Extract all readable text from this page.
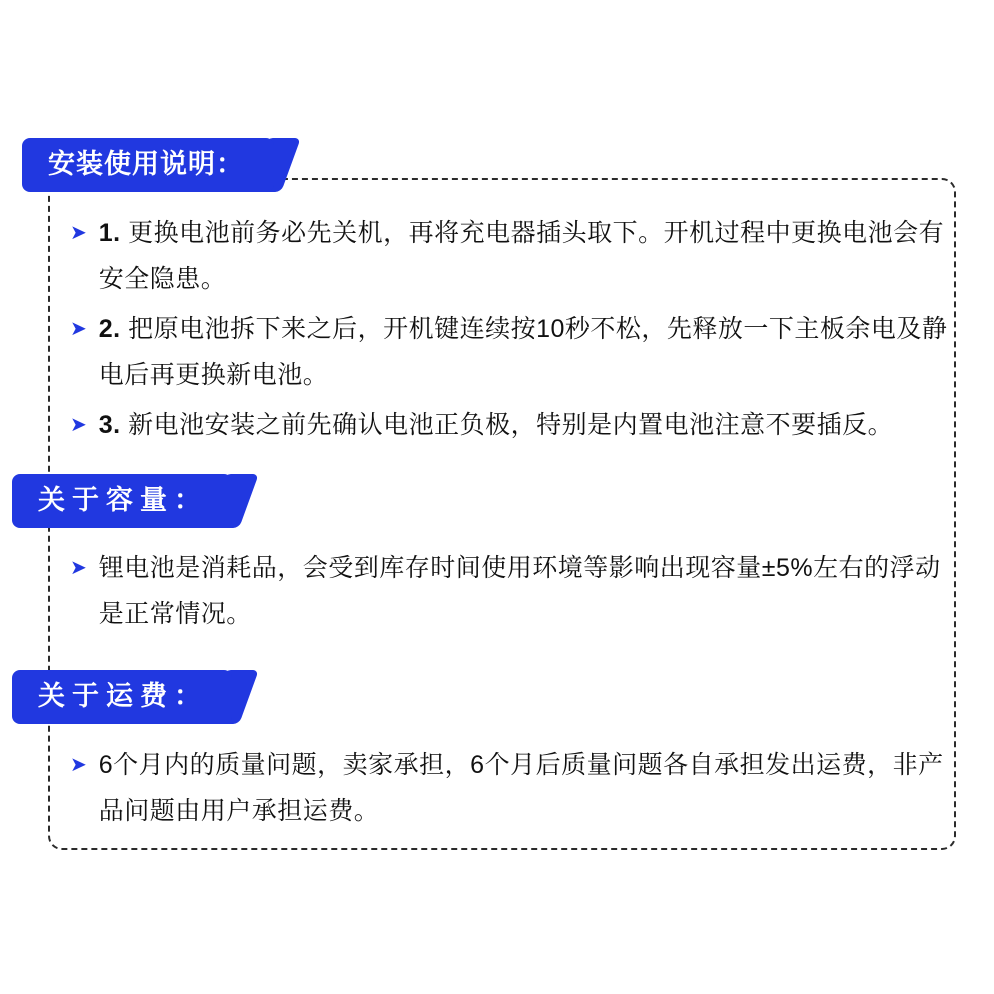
安装使用说明：
➤ 1. 更换电池前务必先关机，再将充电器插头取下。开机过程中更换电池会有安全隐患。
➤ 2. 把原电池拆下来之后，开机键连续按10秒不松，先释放一下主板余电及静电后再更换新电池。
➤ 3. 新电池安装之前先确认电池正负极，特别是内置电池注意不要插反。
关于容量：
➤ 锂电池是消耗品，会受到库存时间使用环境等影响出现容量±5%左右的浮动是正常情况。
关于运费：
➤ 6个月内的质量问题，卖家承担，6个月后质量问题各自承担发出运费，非产品问题由用户承担运费。
